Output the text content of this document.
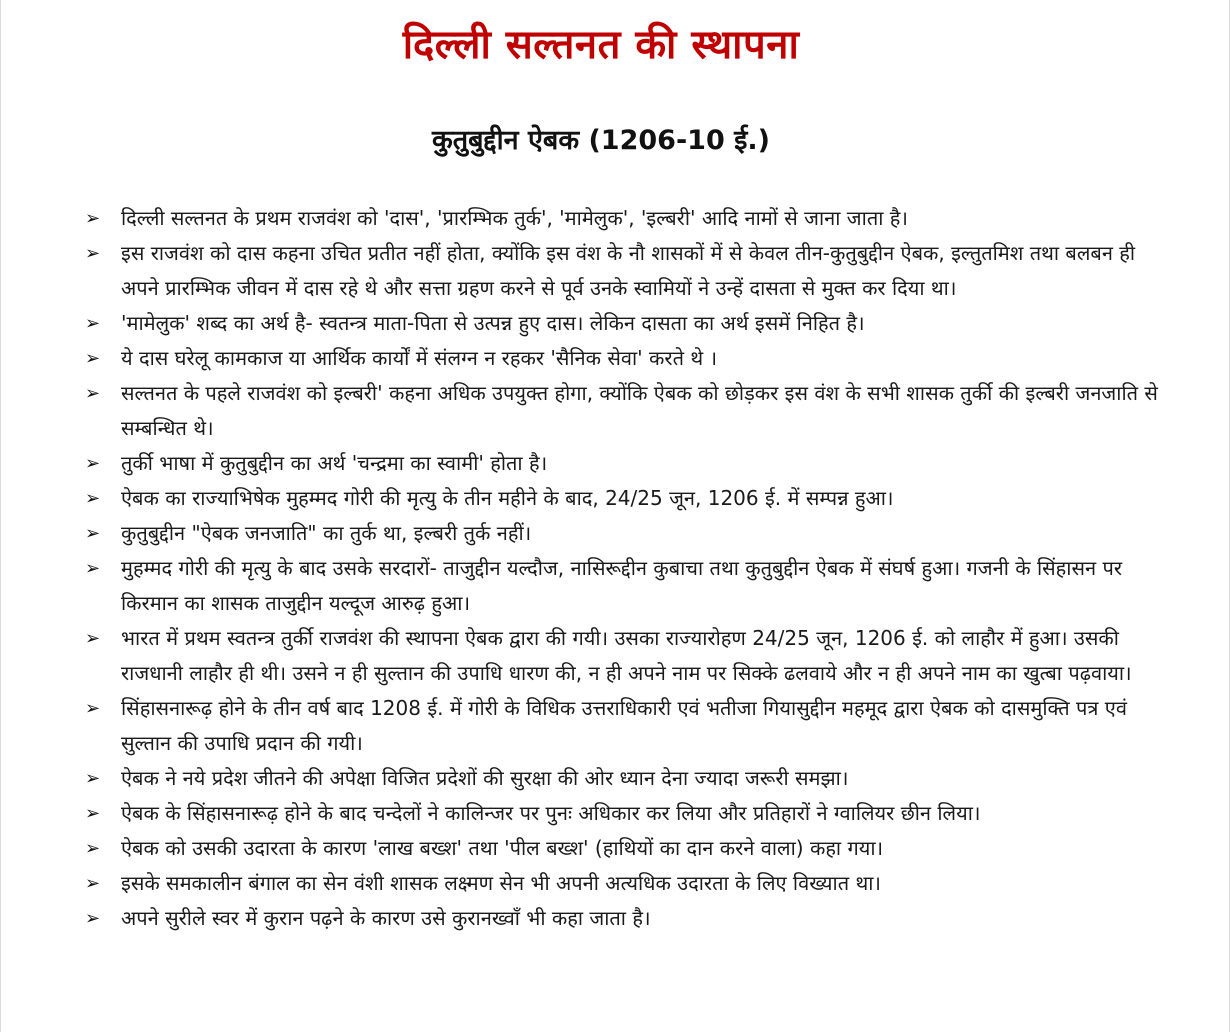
दिल्ली सल्तनत की स्थापना
कुतुबुद्दीन ऐबक (1206-10 ई.)
➢	दिल्ली सल्तनत के प्रथम राजवंश को 'दास', 'प्रारम्भिक तुर्क', 'मामेलुक', 'इल्बरी' आदि नामों से जाना जाता है।
➢	इस राजवंश को दास कहना उचित प्रतीत नहीं होता, क्योंकि इस वंश के नौ शासकों में से केवल तीन-कुतुबुद्दीन ऐबक, इल्तुतमिश तथा बलबन ही अपने प्रारम्भिक जीवन में दास रहे थे और सत्ता ग्रहण करने से पूर्व उनके स्वामियों ने उन्हें दासता से मुक्त कर दिया था।
➢	'मामेलुक' शब्द का अर्थ है- स्वतन्त्र माता-पिता से उत्पन्न हुए दास। लेकिन दासता का अर्थ इसमें निहित है।
➢	ये दास घरेलू कामकाज या आर्थिक कार्यों में संलग्न न रहकर 'सैनिक सेवा' करते थे ।
➢	सल्तनत के पहले राजवंश को इल्बरी' कहना अधिक उपयुक्त होगा, क्योंकि ऐबक को छोड़कर इस वंश के सभी शासक तुर्की की इल्बरी जनजाति से सम्बन्धित थे।
➢	तुर्की भाषा में कुतुबुद्दीन का अर्थ 'चन्द्रमा का स्वामी' होता है।
➢	ऐबक का राज्याभिषेक मुहम्मद गोरी की मृत्यु के तीन महीने के बाद, 24/25 जून, 1206 ई. में सम्पन्न हुआ।
➢	कुतुबुद्दीन "ऐबक जनजाति" का तुर्क था, इल्बरी तुर्क नहीं।
➢	मुहम्मद गोरी की मृत्यु के बाद उसके सरदारों- ताजुद्दीन यल्दौज, नासिरूद्दीन कुबाचा तथा कुतुबुद्दीन ऐबक में संघर्ष हुआ। गजनी के सिंहासन पर किरमान का शासक ताजुद्दीन यल्दूज आरुढ़ हुआ।
➢	भारत में प्रथम स्वतन्त्र तुर्की राजवंश की स्थापना ऐबक द्वारा की गयी। उसका राज्यारोहण 24/25 जून, 1206 ई. को लाहौर में हुआ। उसकी राजधानी लाहौर ही थी। उसने न ही सुल्तान की उपाधि धारण की, न ही अपने नाम पर सिक्के ढलवाये और न ही अपने नाम का खुत्बा पढ़वाया।
➢	सिंहासनारूढ़ होने के तीन वर्ष बाद 1208 ई. में गोरी के विधिक उत्तराधिकारी एवं भतीजा गियासुद्दीन महमूद द्वारा ऐबक को दासमुक्ति पत्र एवं सुल्तान की उपाधि प्रदान की गयी।
➢	ऐबक ने नये प्रदेश जीतने की अपेक्षा विजित प्रदेशों की सुरक्षा की ओर ध्यान देना ज्यादा जरूरी समझा।
➢	ऐबक के सिंहासनारूढ़ होने के बाद चन्देलों ने कालिन्जर पर पुनः अधिकार कर लिया और प्रतिहारों ने ग्वालियर छीन लिया।
➢	ऐबक को उसकी उदारता के कारण 'लाख बख्श' तथा 'पील बख्श' (हाथियों का दान करने वाला) कहा गया।
➢	इसके समकालीन बंगाल का सेन वंशी शासक लक्ष्मण सेन भी अपनी अत्यधिक उदारता के लिए विख्यात था।
➢	अपने सुरीले स्वर में कुरान पढ़ने के कारण उसे कुरानख्वाँ भी कहा जाता है।
